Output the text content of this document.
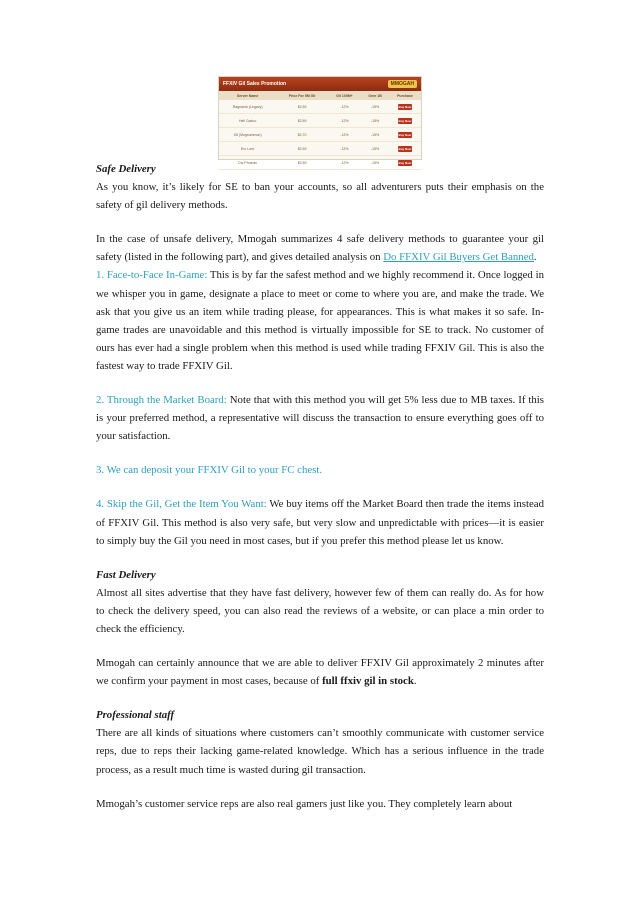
FFXIV Gil Sales Promotion	MMOGAH
Server Name	Price For 5M Gil	Gil 100M+	Over 1B	Purchase
Ragnarok (Legacy)	$2.59	-12%	-15%	Buy Now
Hell Caduo	$2.59	-12%	-15%	Buy Now
Gil (Mogsummon)	$2.70	-12%	-15%	Buy Now
Eru Lore	$2.59	-12%	-15%	Buy Now
Dol Phoenix	$2.59	-12%	-15%	Buy Now

Safe Delivery

As you know, it’s likely for SE to ban your accounts, so all adventurers puts their emphasis on the safety of gil delivery methods.

In the case of unsafe delivery, Mmogah summarizes 4 safe delivery methods to guarantee your gil safety (listed in the following part), and gives detailed analysis on Do FFXIV Gil Buyers Get Banned.

1. Face-to-Face In-Game: This is by far the safest method and we highly recommend it. Once logged in we whisper you in game, designate a place to meet or come to where you are, and make the trade. We ask that you give us an item while trading please, for appearances. This is what makes it so safe. In-game trades are unavoidable and this method is virtually impossible for SE to track. No customer of ours has ever had a single problem when this method is used while trading FFXIV Gil. This is also the fastest way to trade FFXIV Gil.

2. Through the Market Board: Note that with this method you will get 5% less due to MB taxes. If this is your preferred method, a representative will discuss the transaction to ensure everything goes off to your satisfaction.

3. We can deposit your FFXIV Gil to your FC chest.

4. Skip the Gil, Get the Item You Want: We buy items off the Market Board then trade the items instead of FFXIV Gil. This method is also very safe, but very slow and unpredictable with prices—it is easier to simply buy the Gil you need in most cases, but if you prefer this method please let us know.

Fast Delivery

Almost all sites advertise that they have fast delivery, however few of them can really do. As for how to check the delivery speed, you can also read the reviews of a website, or can place a min order to check the efficiency.

Mmogah can certainly announce that we are able to deliver FFXIV Gil approximately 2 minutes after we confirm your payment in most cases, because of full ffxiv gil in stock.

Professional staff

There are all kinds of situations where customers can’t smoothly communicate with customer service reps, due to reps their lacking game-related knowledge. Which has a serious influence in the trade process, as a result much time is wasted during gil transaction.

Mmogah’s customer service reps are also real gamers just like you. They completely learn about
